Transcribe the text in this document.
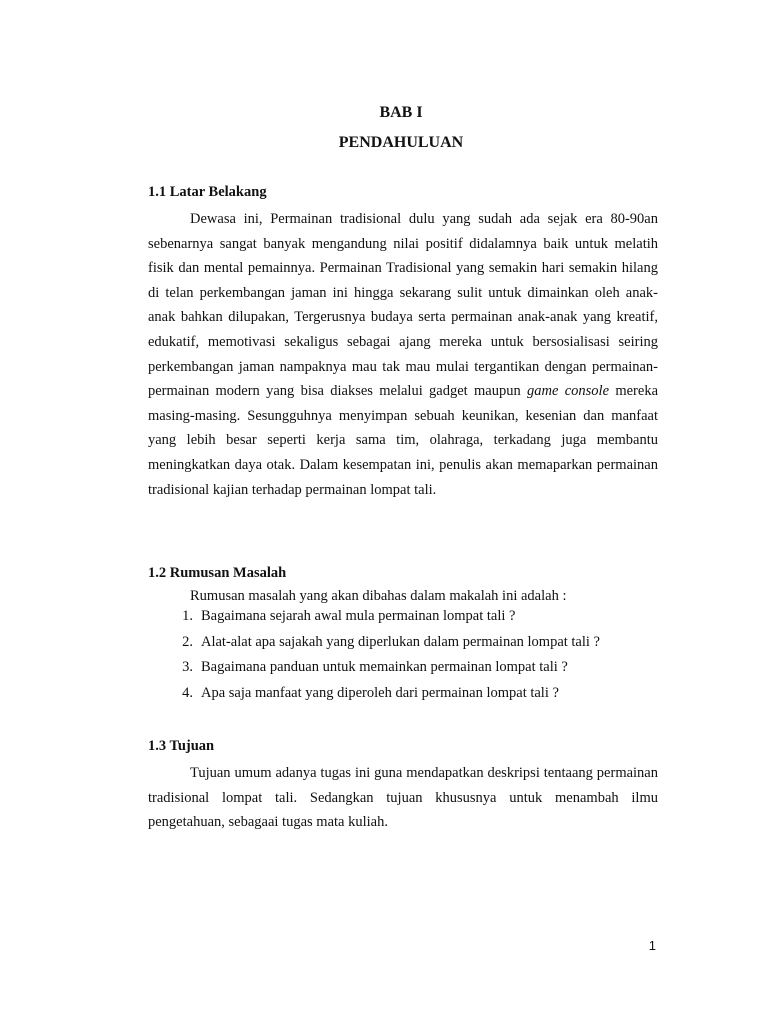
BAB I
PENDAHULUAN
1.1 Latar Belakang

Dewasa ini, Permainan tradisional dulu yang sudah ada sejak era 80-90an sebenarnya sangat banyak mengandung nilai positif didalamnya baik untuk melatih fisik dan mental pemainnya. Permainan Tradisional yang semakin hari semakin hilang di telan perkembangan jaman ini hingga sekarang sulit untuk dimainkan oleh anak-anak bahkan dilupakan, Tergerusnya budaya serta permainan anak-anak yang kreatif, edukatif, memotivasi sekaligus sebagai ajang mereka untuk bersosialisasi seiring perkembangan jaman nampaknya mau tak mau mulai tergantikan dengan permainan-permainan modern yang bisa diakses melalui gadget maupun game console mereka masing-masing. Sesungguhnya menyimpan sebuah keunikan, kesenian dan manfaat yang lebih besar seperti kerja sama tim, olahraga, terkadang juga membantu meningkatkan daya otak. Dalam kesempatan ini, penulis akan memaparkan permainan tradisional kajian terhadap permainan lompat tali.

1.2 Rumusan Masalah

Rumusan masalah yang akan dibahas dalam makalah ini adalah :

1. Bagaimana sejarah awal mula permainan lompat tali ?
2. Alat-alat apa sajakah yang diperlukan dalam permainan lompat tali ?
3. Bagaimana panduan untuk memainkan permainan lompat tali ?
4. Apa saja manfaat yang diperoleh dari permainan lompat tali ?
1.3 Tujuan

Tujuan umum adanya tugas ini guna mendapatkan deskripsi tentaang permainan tradisional lompat tali. Sedangkan tujuan khususnya untuk menambah ilmu pengetahuan, sebagaai tugas mata kuliah.

1
